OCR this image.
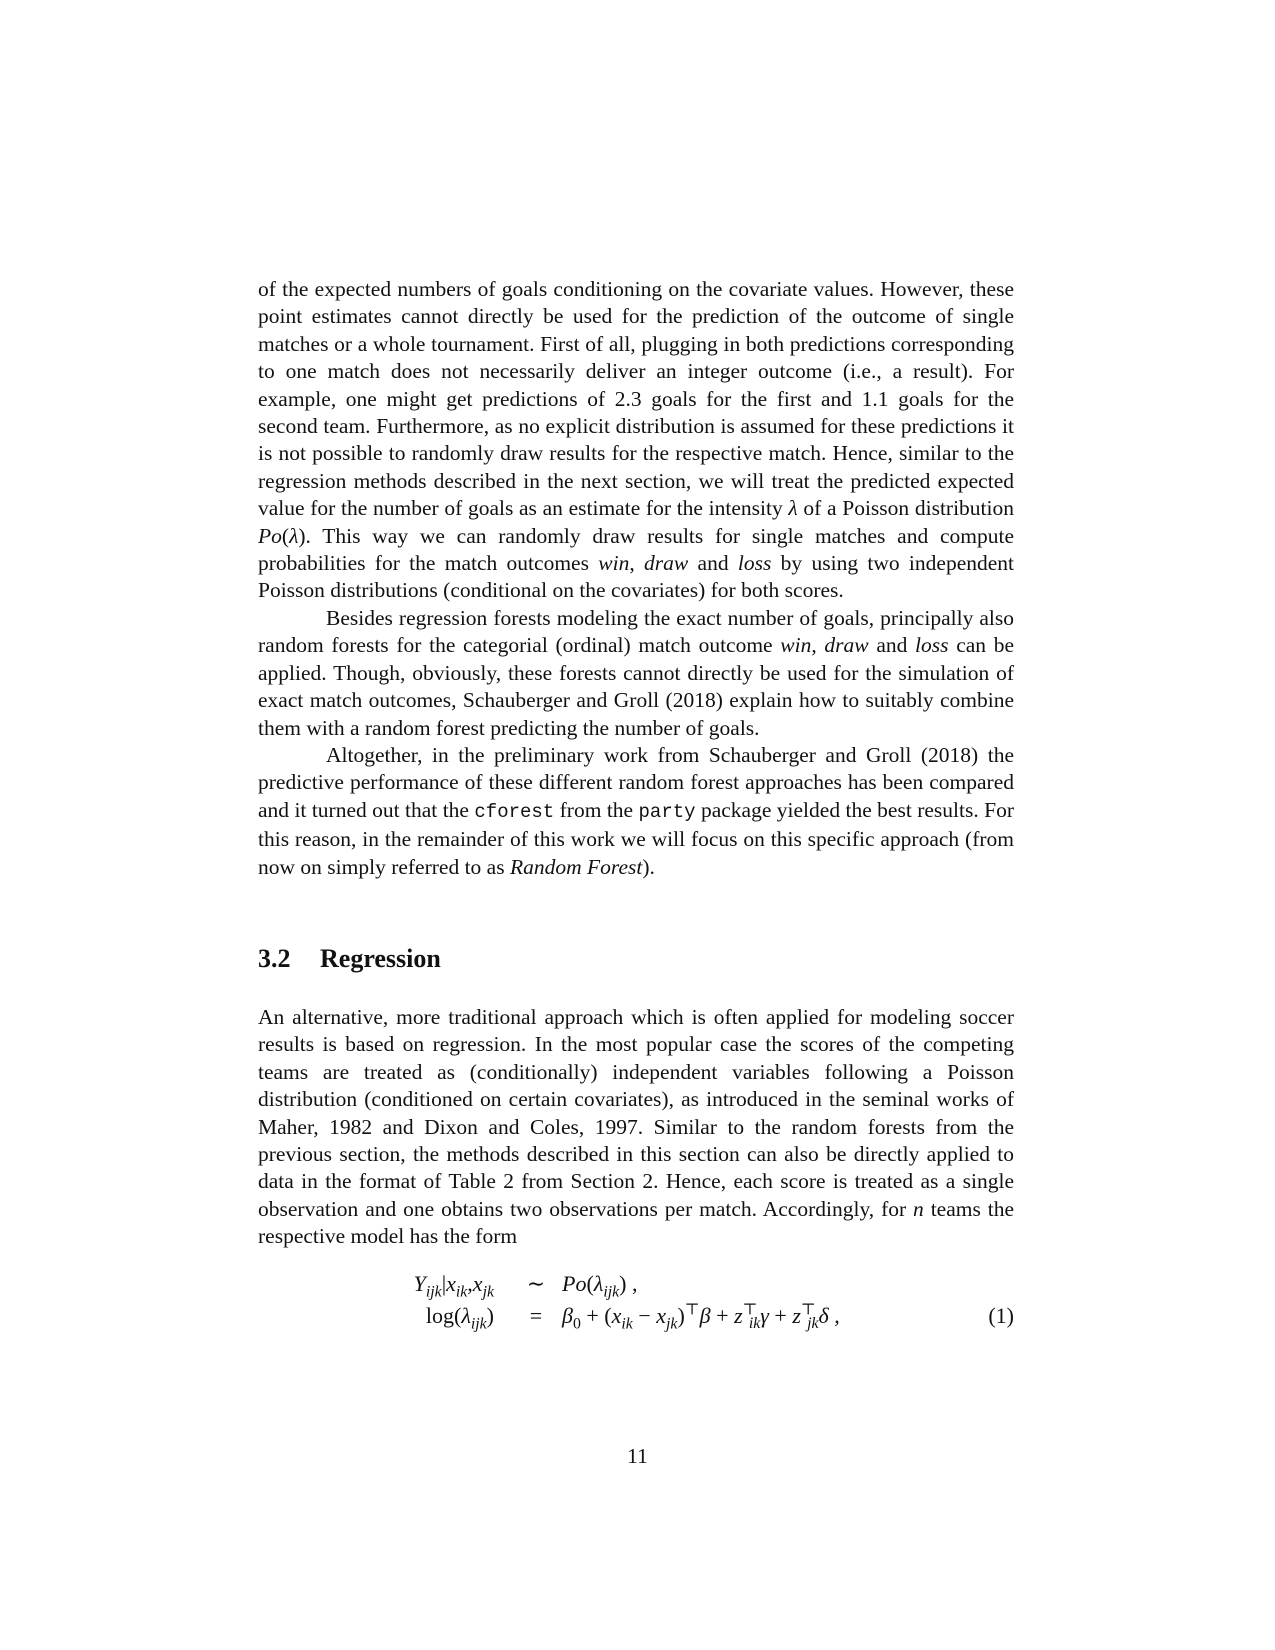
of the expected numbers of goals conditioning on the covariate values. However, these point estimates cannot directly be used for the prediction of the outcome of single matches or a whole tournament. First of all, plugging in both predictions corresponding to one match does not necessarily deliver an integer outcome (i.e., a result). For example, one might get predictions of 2.3 goals for the first and 1.1 goals for the second team. Furthermore, as no explicit distribution is assumed for these predictions it is not possible to randomly draw results for the respective match. Hence, similar to the regression methods described in the next section, we will treat the predicted expected value for the number of goals as an estimate for the intensity λ of a Poisson distribution Po(λ). This way we can randomly draw results for single matches and compute probabilities for the match outcomes win, draw and loss by using two independent Poisson distributions (conditional on the covariates) for both scores.

Besides regression forests modeling the exact number of goals, principally also random forests for the categorial (ordinal) match outcome win, draw and loss can be applied. Though, obviously, these forests cannot directly be used for the simulation of exact match outcomes, Schauberger and Groll (2018) explain how to suitably combine them with a random forest predicting the number of goals.

Altogether, in the preliminary work from Schauberger and Groll (2018) the predictive performance of these different random forest approaches has been compared and it turned out that the cforest from the party package yielded the best results. For this reason, in the remainder of this work we will focus on this specific approach (from now on simply referred to as Random Forest).

3.2 Regression

An alternative, more traditional approach which is often applied for modeling soccer results is based on regression. In the most popular case the scores of the competing teams are treated as (conditionally) independent variables following a Poisson distribution (conditioned on certain covariates), as introduced in the seminal works of Maher, 1982 and Dixon and Coles, 1997. Similar to the random forests from the previous section, the methods described in this section can also be directly applied to data in the format of Table 2 from Section 2. Hence, each score is treated as a single observation and one obtains two observations per match. Accordingly, for n teams the respective model has the form

$Y_{ijk}|x_{ik},x_{jk}$ ∼ $Po(\lambda_{ijk})$ ,
$\log(\lambda_{ijk}) = \beta_0 + (x_{ik} - x_{jk})^⊤\beta + z^⊤_{ik}\gamma + z^⊤_{jk}\delta$ ,	(1)
11
